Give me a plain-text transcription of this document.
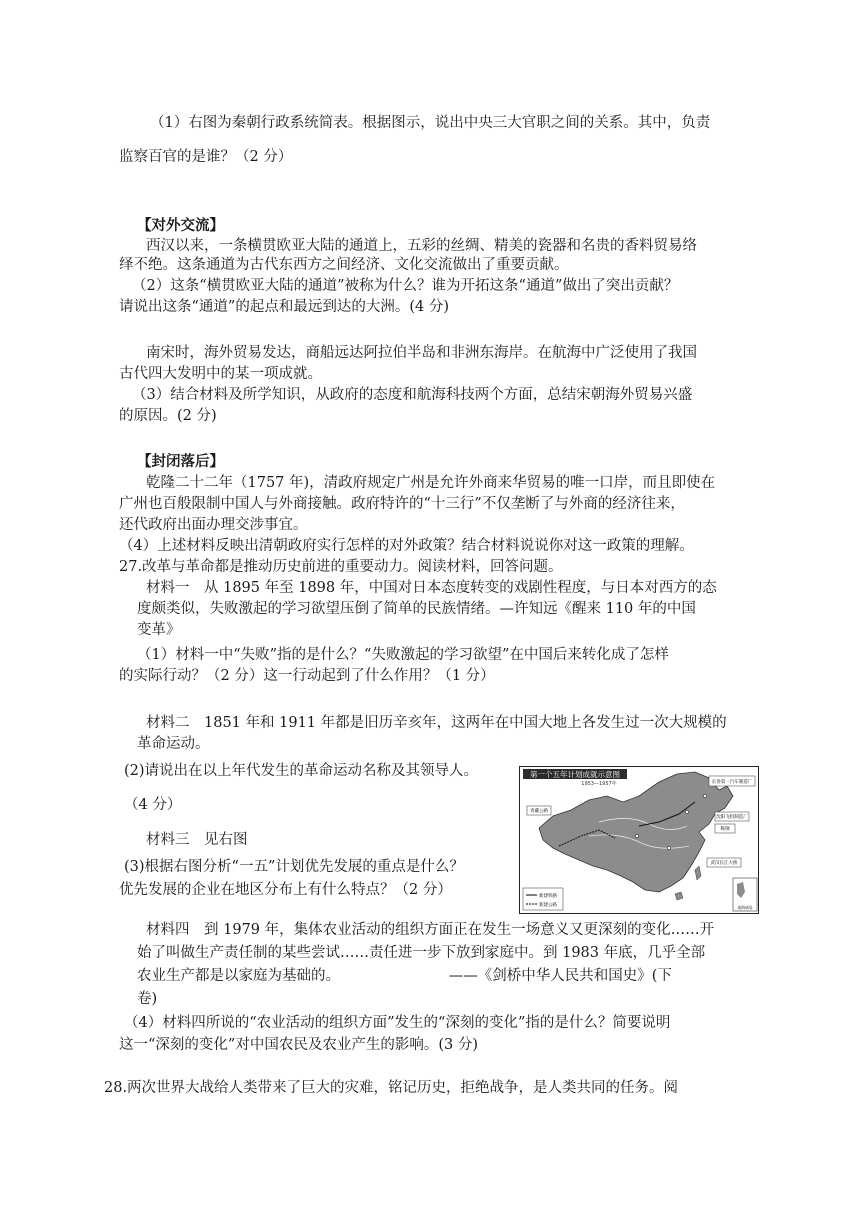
（1）右图为秦朝行政系统简表。根据图示，说出中央三大官职之间的关系。其中，负责
监察百官的是谁？（2 分）
【对外交流】
西汉以来，一条横贯欧亚大陆的通道上，五彩的丝绸、精美的瓷器和名贵的香料贸易络
绎不绝。这条通道为古代东西方之间经济、文化交流做出了重要贡献。
（2）这条“横贯欧亚大陆的通道”被称为什么？谁为开拓这条“通道”做出了突出贡献？
请说出这条“通道”的起点和最远到达的大洲。(4 分)
南宋时，海外贸易发达，商船远达阿拉伯半岛和非洲东海岸。在航海中广泛使用了我国
古代四大发明中的某一项成就。
（3）结合材料及所学知识，从政府的态度和航海科技两个方面，总结宋朝海外贸易兴盛
的原因。(2 分)
【封闭落后】
乾隆二十二年（1757 年)，清政府规定广州是允许外商来华贸易的唯一口岸，而且即使在
广州也百般限制中国人与外商接触。政府特许的“十三行”不仅垄断了与外商的经济往来，
还代政府出面办理交涉事宜。
（4）上述材料反映出清朝政府实行怎样的对外政策？结合材料说说你对这一政策的理解。
27.改革与革命都是推动历史前进的重要动力。阅读材料，回答问题。
材料一　从 1895 年至 1898 年，中国对日本态度转变的戏剧性程度，与日本对西方的态
度颇类似，失败激起的学习欲望压倒了简单的民族情绪。—许知远《醒来 110 年的中国
变革》
（1）材料一中“失败”指的是什么？“失败激起的学习欲望”在中国后来转化成了怎样
的实际行动？（2 分）这一行动起到了什么作用？（1 分）
材料二　1851 年和 1911 年都是旧历辛亥年，这两年在中国大地上各发生过一次大规模的
革命运动。
(2)请说出在以上年代发生的革命运动名称及其领导人。
（4 分）
材料三　见右图
(3)根据右图分析“一五”计划优先发展的重点是什么？
优先发展的企业在地区分布上有什么特点？（2 分）
材料四　到 1979 年，集体农业活动的组织方面正在发生一场意义又更深刻的变化……开
始了叫做生产责任制的某些尝试……责任进一步下放到家庭中。到 1983 年底，几乎全部
农业生产都是以家庭为基础的。　　　　　　　　——《剑桥中华人民共和国史》(下
卷)
（4）材料四所说的“农业活动的组织方面”发生的“深刻的变化”指的是什么？简要说明
这一“深刻的变化”对中国农民及农业产生的影响。(3 分)
28.两次世界大战给人类带来了巨大的灾难，铭记历史，拒绝战争，是人类共同的任务。阅
第一个五年计划成就示意图
1953—1957年	长春第一汽车制造厂
沈阳飞机制造厂
鞍钢
青藏公路
武汉长江大桥
新建铁路
新建公路	南海诸岛
